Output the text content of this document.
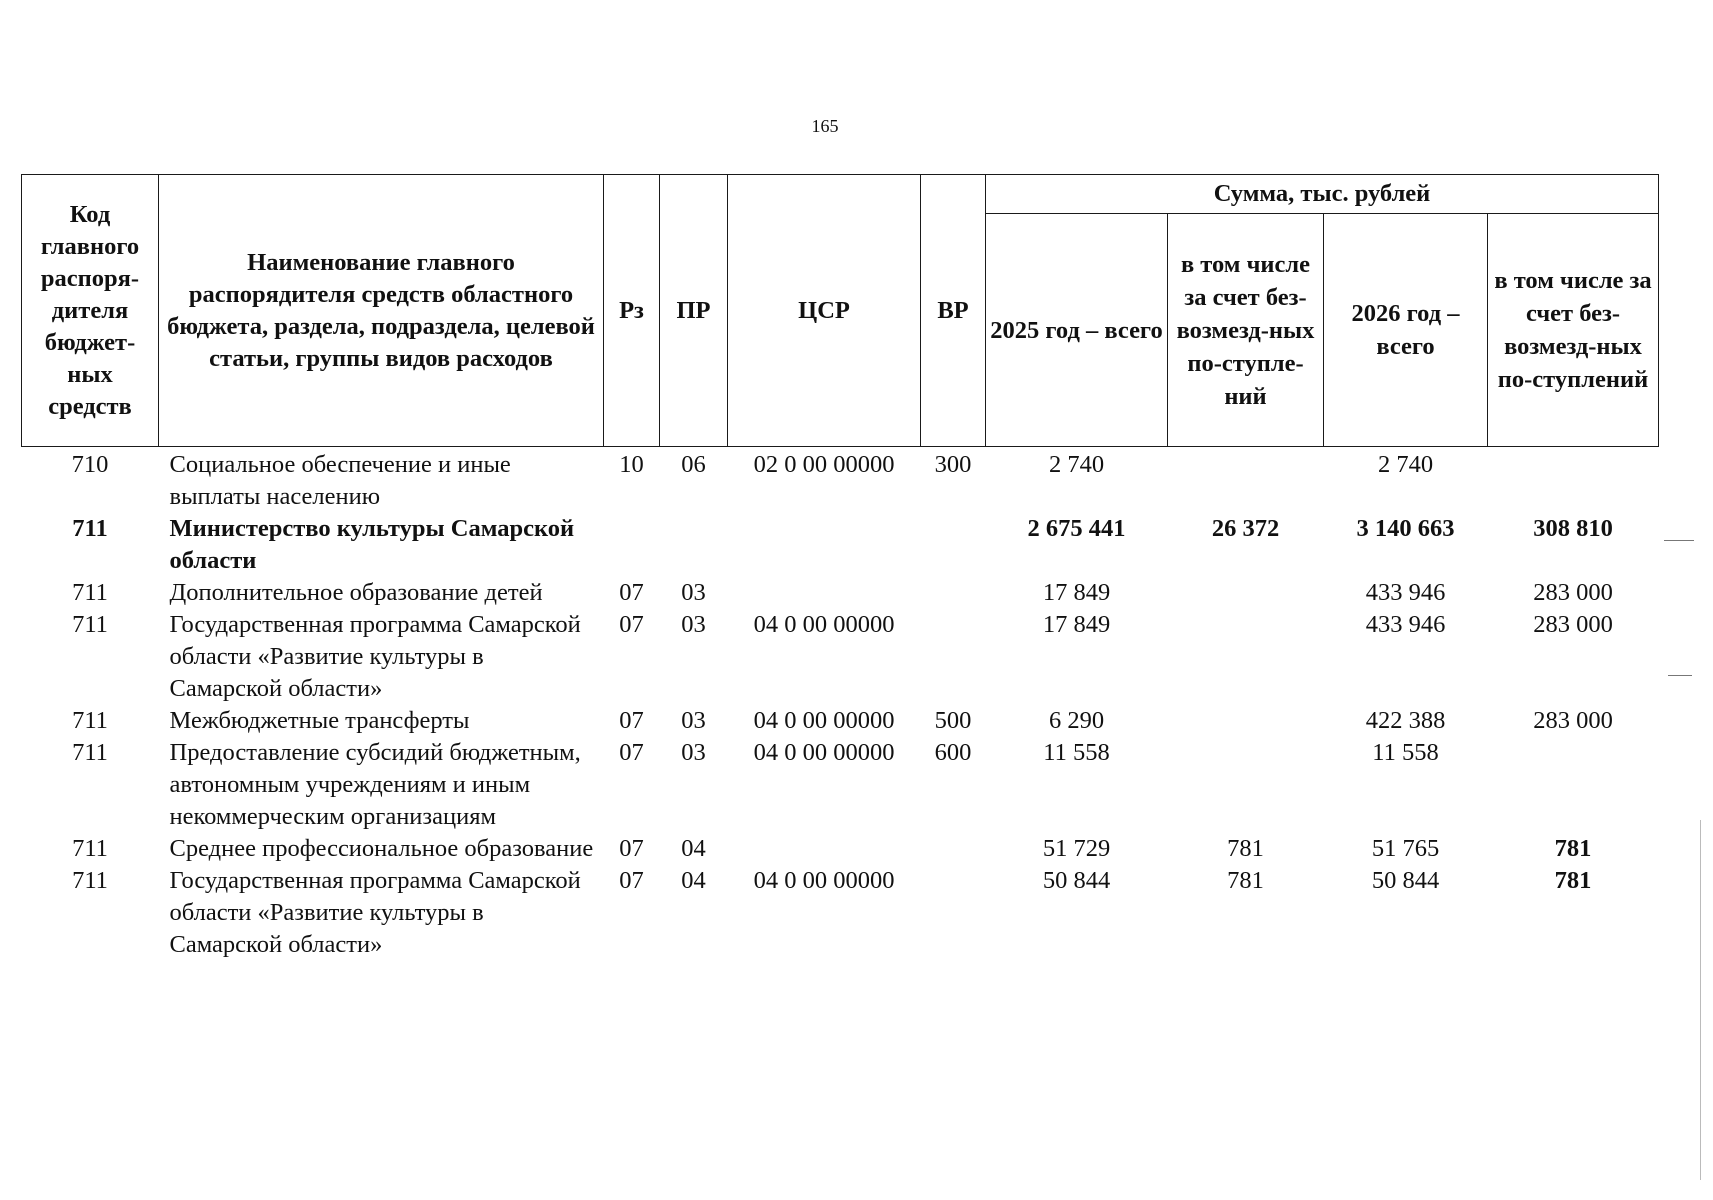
165
Код главного распоря-дителя бюджет-ных средств	Наименование главного распорядителя средств областного бюджета, раздела, подраздела, целевой статьи, группы видов расходов	Рз	ПР	ЦСР	ВР	Сумма, тыс. рублей			
						2025 год – всего	в том числе за счет без-возмезд-ных по-ступле-ний	2026 год – всего	в том числе за счет без-возмезд-ных по-ступлений
710	Социальное обеспечение и иные выплаты населению	10	06	02 0 00 00000	300	2 740		2 740	
711	Министерство культуры Самарской области					2 675 441	26 372	3 140 663	308 810
711	Дополнительное образование детей	07	03			17 849		433 946	283 000
711	Государственная программа Самарской области «Развитие культуры в Самарской области»	07	03	04 0 00 00000		17 849		433 946	283 000
711	Межбюджетные трансферты	07	03	04 0 00 00000	500	6 290		422 388	283 000
711	Предоставление субсидий бюджетным, автономным учреждениям и иным некоммерческим организациям	07	03	04 0 00 00000	600	11 558		11 558	
711	Среднее профессиональное образование	07	04			51 729	781	51 765	781
711	Государственная программа Самарской области «Развитие культуры в Самарской области»	07	04	04 0 00 00000		50 844	781	50 844	781
